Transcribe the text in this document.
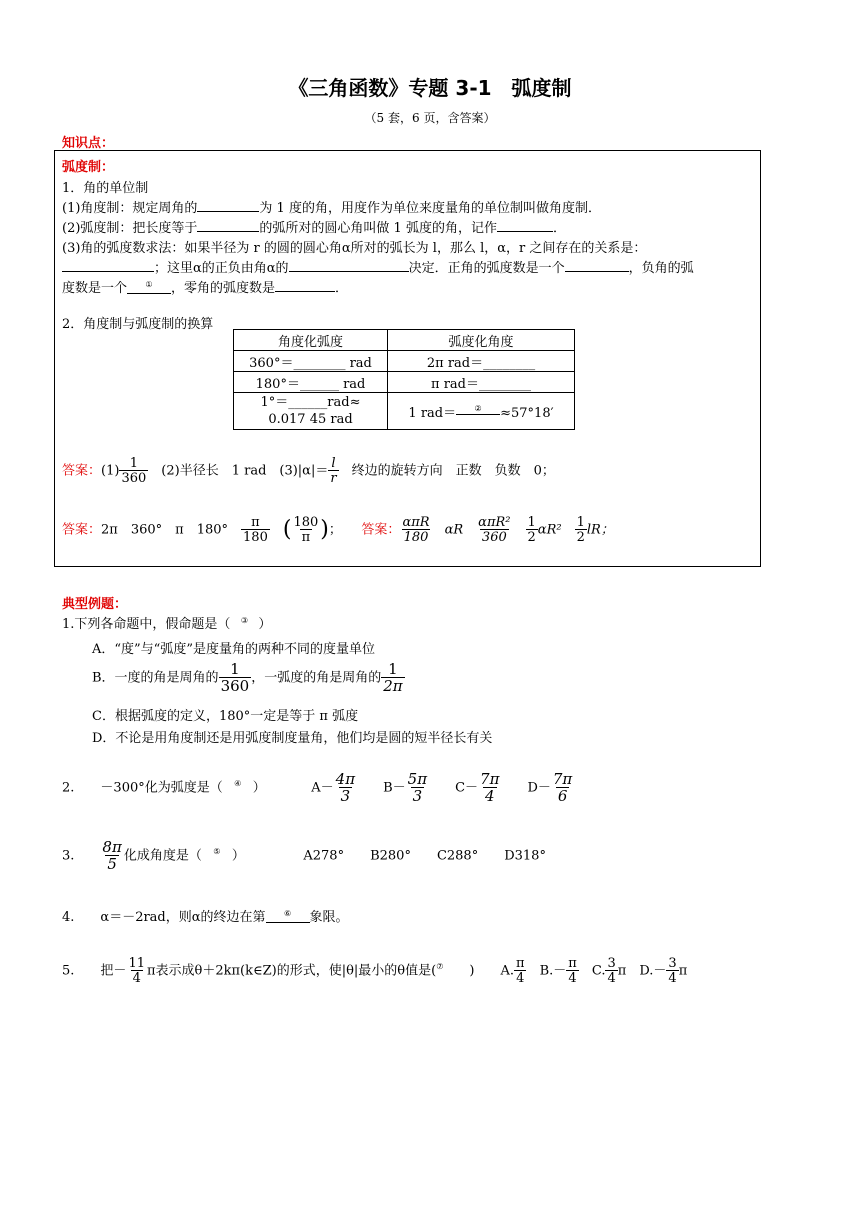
《三角函数》专题 3-1　弧度制
（5 套，6 页，含答案）
知识点：
弧度制：
1．角的单位制
(1)角度制：规定周角的	为 1 度的角，用度作为单位来度量角的单位制叫做角度制．
(2)弧度制：把长度等于	的弧所对的圆心角叫做 1 弧度的角，记作	．
(3)角的弧度数求法：如果半径为 r 的圆的圆心角α所对的弧长为 l，那么 l，α，r 之间存在的关系是：
；这里α的正负由角α的	决定．正角的弧度数是一个	，负角的弧
度数是一个 ① ，零角的弧度数是	．
2．角度制与弧度制的换算
角度化弧度	弧度化角度
360°＝________ rad	2π rad＝________
180°＝______ rad	π rad＝________

1°＝______rad≈
0.017 45 rad	1 rad＝ ② ≈57°18′
答案：$(1) \frac{1}{360}$
　 (2)半径长　1 rad　$(3)|\alpha|= \frac{l}{r}$
　 终边的旋转方向　正数　负数　0；
答案：2π　360°　π　180°　 $\frac{\pi}{180}$
　 ( $\frac{180}{\pi}$ )；　　 答案： $\frac{\text{απR}}{180}$
　 αR　 $\frac{\text{απR²}}{360}$
　 $\frac{1}{2} \alpha R^2$　 $\frac{1}{2}$ lR；
典型例题：
1.下列各命题中，假命题是（ ③ ）
A．“度”与“弧度”是度量角的两种不同的度量单位
B．一度的角是周角的 $\frac{1}{360}$ ，一弧度的角是周角的 $\frac{1}{2\pi}$
C．根据弧度的定义，180°一定是等于 π 弧度
D．不论是用角度制还是用弧度制度量角，他们均是圆的短半径长有关
2.　　 －300°化为弧度是（ ④ ）　　　　	$A- \frac{4\pi}{3}$
　　 $B- \frac{5\pi}{3}$
　　 $C- \frac{7\pi}{4}$
　　 $D- \frac{7\pi}{6}$
3.　　 $\frac{8\pi}{5}$ 化成角度是（ ⑤ ）　　　　　	A278°　　B280°　　C288°　　D318°
4.　　 α＝－2rad，则α的终边在第 ⑥ 象限。
5.　　 把－ $\frac{11}{4}$ π表示成θ＋2kπ(k∈Z)的形式，使|θ|最小的θ值是(⑦　　 )　　 A. $\frac{\pi}{4}$
　 $B.- \frac{\pi}{4}$
　 C. $\frac{3}{4}$ π　 $D.- \frac{3}{4}$ π
